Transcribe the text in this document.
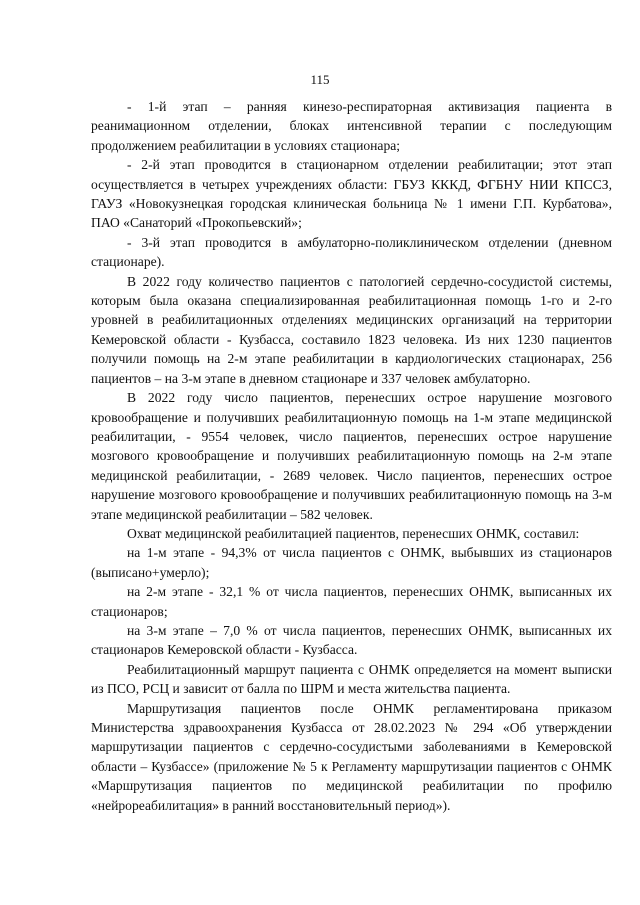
115

- 1-й этап – ранняя кинезо-респираторная активизация пациента в реанимационном отделении, блоках интенсивной терапии с последующим продолжением реабилитации в условиях стационара;

- 2-й этап проводится в стационарном отделении реабилитации; этот этап осуществляется в четырех учреждениях области: ГБУЗ КККД, ФГБНУ НИИ КПССЗ, ГАУЗ «Новокузнецкая городская клиническая больница № 1 имени Г.П. Курбатова», ПАО «Санаторий «Прокопьевский»;

- 3-й этап проводится в амбулаторно-поликлиническом отделении (дневном стационаре).

В 2022 году количество пациентов с патологией сердечно-сосудистой системы, которым была оказана специализированная реабилитационная помощь 1-го и 2-го уровней в реабилитационных отделениях медицинских организаций на территории Кемеровской области - Кузбасса, составило 1823 человека. Из них 1230 пациентов получили помощь на 2-м этапе реабилитации в кардиологических стационарах, 256 пациентов – на 3-м этапе в дневном стационаре и 337 человек амбулаторно.

В 2022 году число пациентов, перенесших острое нарушение мозгового кровообращение и получивших реабилитационную помощь на 1-м этапе медицинской реабилитации, - 9554 человек, число пациентов, перенесших острое нарушение мозгового кровообращение и получивших реабилитационную помощь на 2-м этапе медицинской реабилитации, - 2689 человек. Число пациентов, перенесших острое нарушение мозгового кровообращение и получивших реабилитационную помощь на 3-м этапе медицинской реабилитации – 582 человек.

Охват медицинской реабилитацией пациентов, перенесших ОНМК, составил:

на 1-м этапе - 94,3% от числа пациентов с ОНМК, выбывших из стационаров (выписано+умерло);

на 2-м этапе - 32,1 % от числа пациентов, перенесших ОНМК, выписанных их стационаров;

на 3-м этапе – 7,0 % от числа пациентов, перенесших ОНМК, выписанных их стационаров Кемеровской области - Кузбасса.

Реабилитационный маршрут пациента с ОНМК определяется на момент выписки из ПСО, РСЦ и зависит от балла по ШРМ и места жительства пациента.

Маршрутизация пациентов после ОНМК регламентирована приказом Министерства здравоохранения Кузбасса от 28.02.2023 № 294 «Об утверждении маршрутизации пациентов с сердечно-сосудистыми заболеваниями в Кемеровской области – Кузбассе» (приложение № 5 к Регламенту маршрутизации пациентов с ОНМК «Маршрутизация пациентов по медицинской реабилитации по профилю «нейрореабилитация» в ранний восстановительный период»).
